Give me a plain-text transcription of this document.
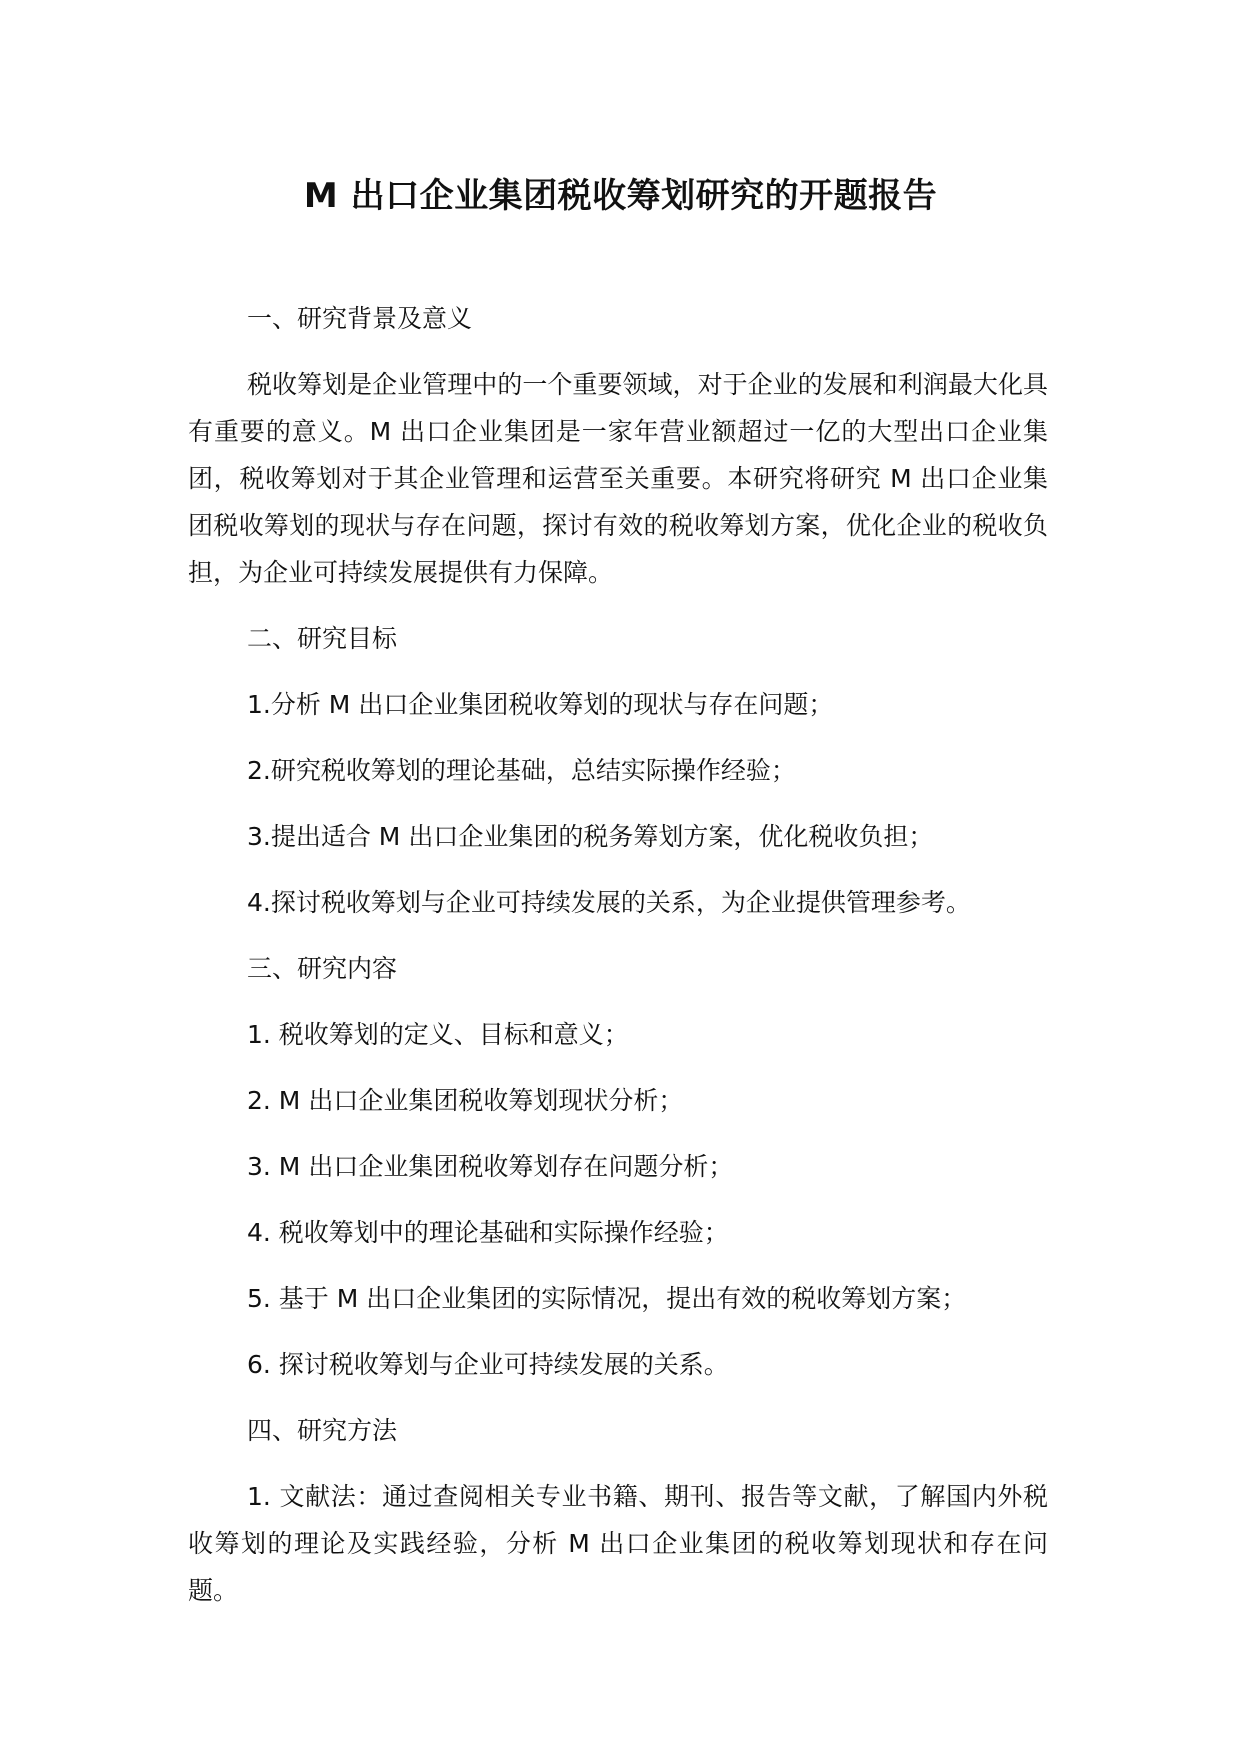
M 出口企业集团税收筹划研究的开题报告
一、研究背景及意义
税收筹划是企业管理中的一个重要领域，对于企业的发展和利润最大化具有重要的意义。M 出口企业集团是一家年营业额超过一亿的大型出口企业集团，税收筹划对于其企业管理和运营至关重要。本研究将研究 M 出口企业集团税收筹划的现状与存在问题，探讨有效的税收筹划方案，优化企业的税收负担，为企业可持续发展提供有力保障。
二、研究目标
1.分析 M 出口企业集团税收筹划的现状与存在问题；
2.研究税收筹划的理论基础，总结实际操作经验；
3.提出适合 M 出口企业集团的税务筹划方案，优化税收负担；
4.探讨税收筹划与企业可持续发展的关系，为企业提供管理参考。
三、研究内容
1. 税收筹划的定义、目标和意义；
2. M 出口企业集团税收筹划现状分析；
3. M 出口企业集团税收筹划存在问题分析；
4. 税收筹划中的理论基础和实际操作经验；
5. 基于 M 出口企业集团的实际情况，提出有效的税收筹划方案；
6. 探讨税收筹划与企业可持续发展的关系。
四、研究方法
1. 文献法：通过查阅相关专业书籍、期刊、报告等文献，了解国内外税收筹划的理论及实践经验，分析 M 出口企业集团的税收筹划现状和存在问题。
